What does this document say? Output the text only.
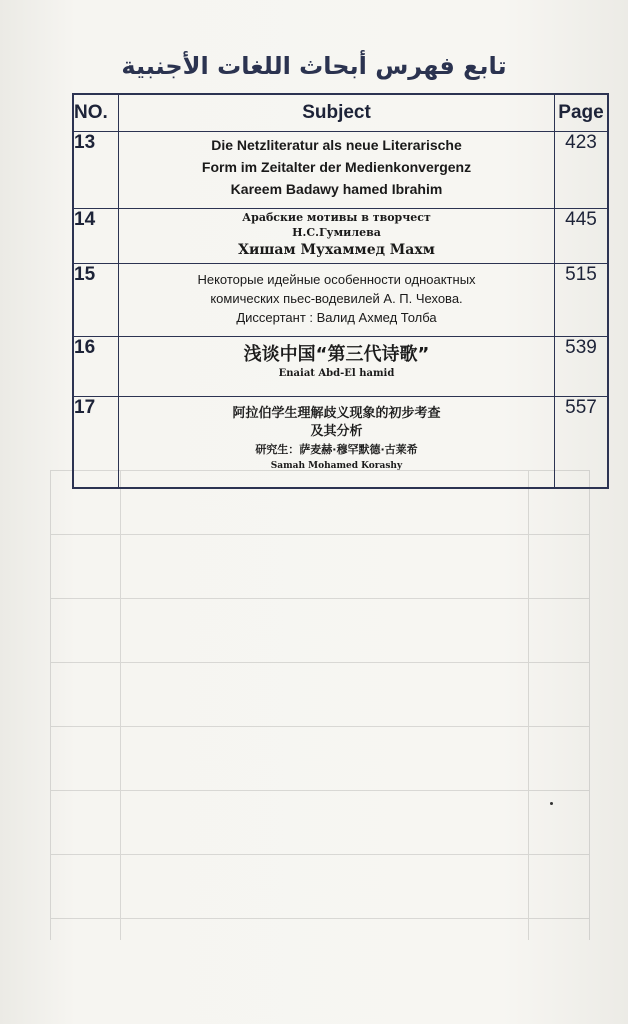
تابع فهرس أبحاث اللغات الأجنبية
NO.	Subject	Page
13	Die Netzliteratur als neue Literarische
Form im Zeitalter der Medienkonvergenz
Kareem Badawy hamed Ibrahim	423
14	Арабские мотивы в творчест
Н.С.Гумилева
Хишам Мухаммед Махм	445
15	Некоторые идейные особенности одноактных
комических пьес-водевилей А. П. Чехова.
Диссертант : Валид Ахмед Толба	515
16	浅谈中国“第三代诗歌”
Enaiat Abd-El hamid	539
17	阿拉伯学生理解歧义现象的初步考查
及其分析
研究生：萨麦赫·穆罕默德·古莱希
Samah Mohamed Korashy	557
